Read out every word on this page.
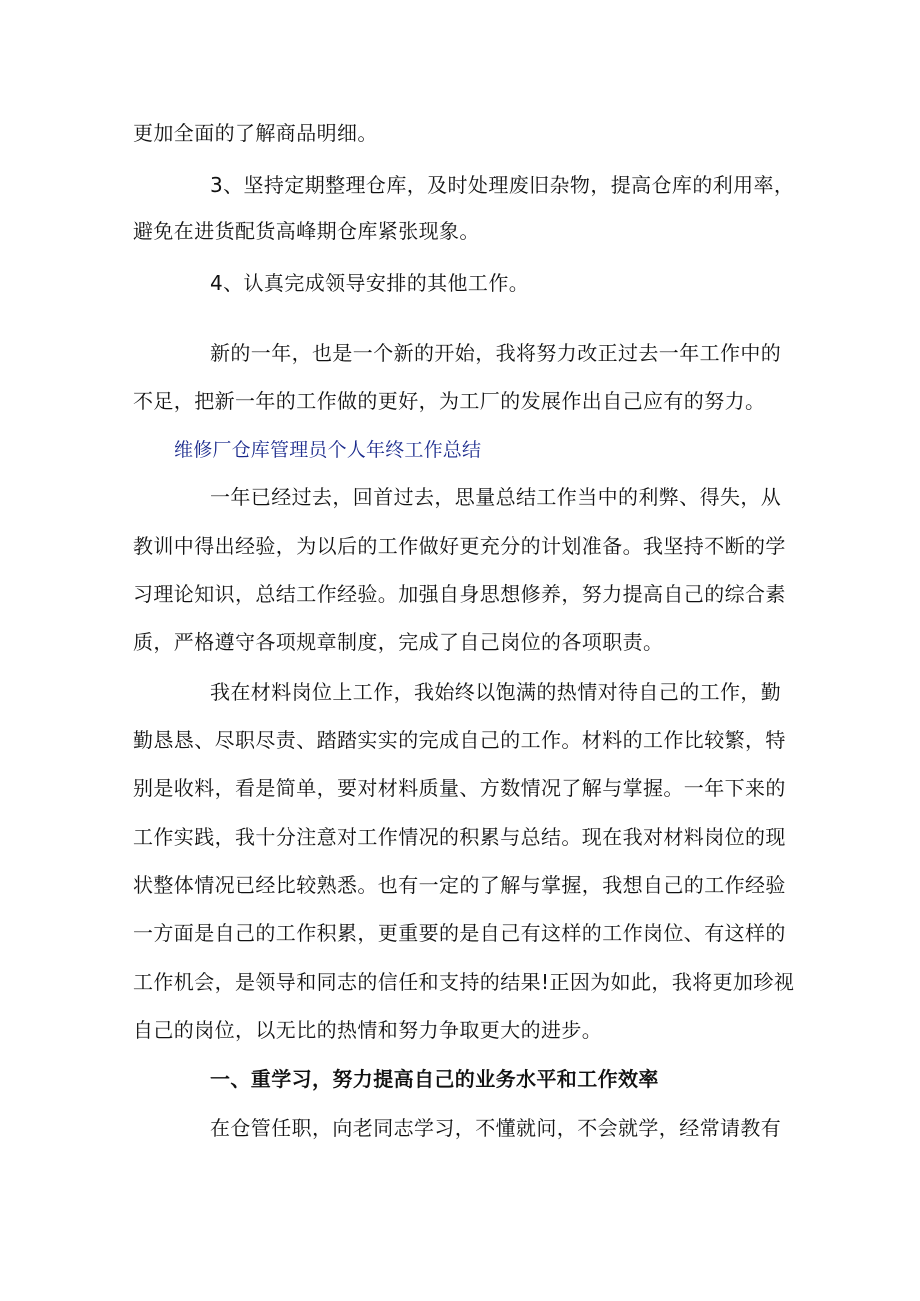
更加全面的了解商品明细。
3、坚持定期整理仓库，及时处理废旧杂物，提高仓库的利用率，
避免在进货配货高峰期仓库紧张现象。
4、认真完成领导安排的其他工作。
新的一年，也是一个新的开始，我将努力改正过去一年工作中的
不足，把新一年的工作做的更好，为工厂的发展作出自己应有的努力。
维修厂仓库管理员个人年终工作总结
一年已经过去，回首过去，思量总结工作当中的利弊、得失，从
教训中得出经验，为以后的工作做好更充分的计划准备。我坚持不断的学
习理论知识，总结工作经验。加强自身思想修养，努力提高自己的综合素
质，严格遵守各项规章制度，完成了自己岗位的各项职责。
我在材料岗位上工作，我始终以饱满的热情对待自己的工作，勤
勤恳恳、尽职尽责、踏踏实实的完成自己的工作。材料的工作比较繁，特
别是收料，看是简单，要对材料质量、方数情况了解与掌握。一年下来的
工作实践，我十分注意对工作情况的积累与总结。现在我对材料岗位的现
状整体情况已经比较熟悉。也有一定的了解与掌握，我想自己的工作经验
一方面是自己的工作积累，更重要的是自己有这样的工作岗位、有这样的
工作机会，是领导和同志的信任和支持的结果!正因为如此，我将更加珍视
自己的岗位，以无比的热情和努力争取更大的进步。
一、重学习，努力提高自己的业务水平和工作效率
在仓管任职，向老同志学习，不懂就问，不会就学，经常请教有
